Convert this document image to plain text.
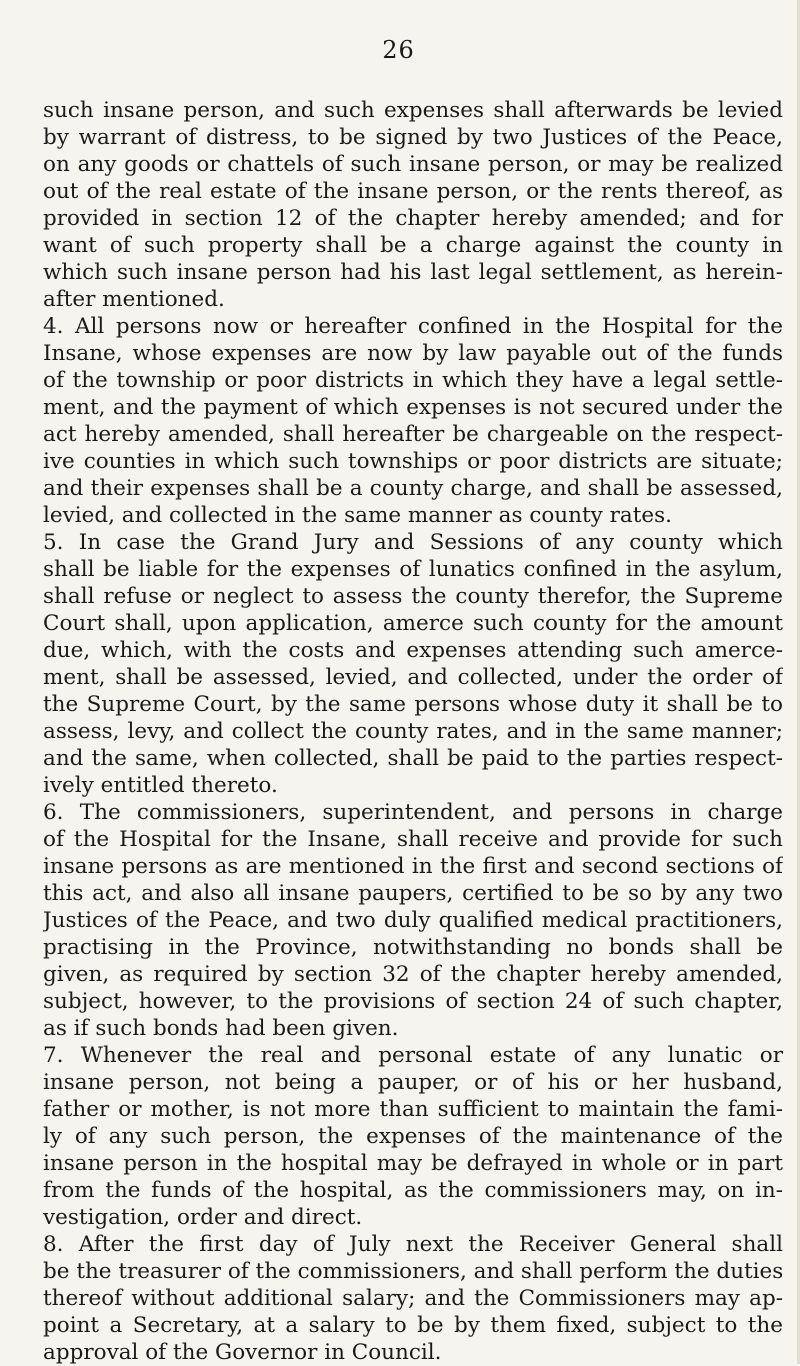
26
such insane person, and such expenses shall afterwards be levied
by warrant of distress, to be signed by two Justices of the Peace,
on any goods or chattels of such insane person, or may be realized
out of the real estate of the insane person, or the rents thereof, as
provided in section 12 of the chapter hereby amended; and for
want of such property shall be a charge against the county in
which such insane person had his last legal settlement, as herein-
after mentioned.
4. All persons now or hereafter confined in the Hospital for the
Insane, whose expenses are now by law payable out of the funds
of the township or poor districts in which they have a legal settle-
ment, and the payment of which expenses is not secured under the
act hereby amended, shall hereafter be chargeable on the respect-
ive counties in which such townships or poor districts are situate;
and their expenses shall be a county charge, and shall be assessed,
levied, and collected in the same manner as county rates.
5. In case the Grand Jury and Sessions of any county which
shall be liable for the expenses of lunatics confined in the asylum,
shall refuse or neglect to assess the county therefor, the Supreme
Court shall, upon application, amerce such county for the amount
due, which, with the costs and expenses attending such amerce-
ment, shall be assessed, levied, and collected, under the order of
the Supreme Court, by the same persons whose duty it shall be to
assess, levy, and collect the county rates, and in the same manner;
and the same, when collected, shall be paid to the parties respect-
ively entitled thereto.
6. The commissioners, superintendent, and persons in charge
of the Hospital for the Insane, shall receive and provide for such
insane persons as are mentioned in the first and second sections of
this act, and also all insane paupers, certified to be so by any two
Justices of the Peace, and two duly qualified medical practitioners,
practising in the Province, notwithstanding no bonds shall be
given, as required by section 32 of the chapter hereby amended,
subject, however, to the provisions of section 24 of such chapter,
as if such bonds had been given.
7. Whenever the real and personal estate of any lunatic or
insane person, not being a pauper, or of his or her husband,
father or mother, is not more than sufficient to maintain the fami-
ly of any such person, the expenses of the maintenance of the
insane person in the hospital may be defrayed in whole or in part
from the funds of the hospital, as the commissioners may, on in-
vestigation, order and direct.
8. After the first day of July next the Receiver General shall
be the treasurer of the commissioners, and shall perform the duties
thereof without additional salary; and the Commissioners may ap-
point a Secretary, at a salary to be by them fixed, subject to the
approval of the Governor in Council.
